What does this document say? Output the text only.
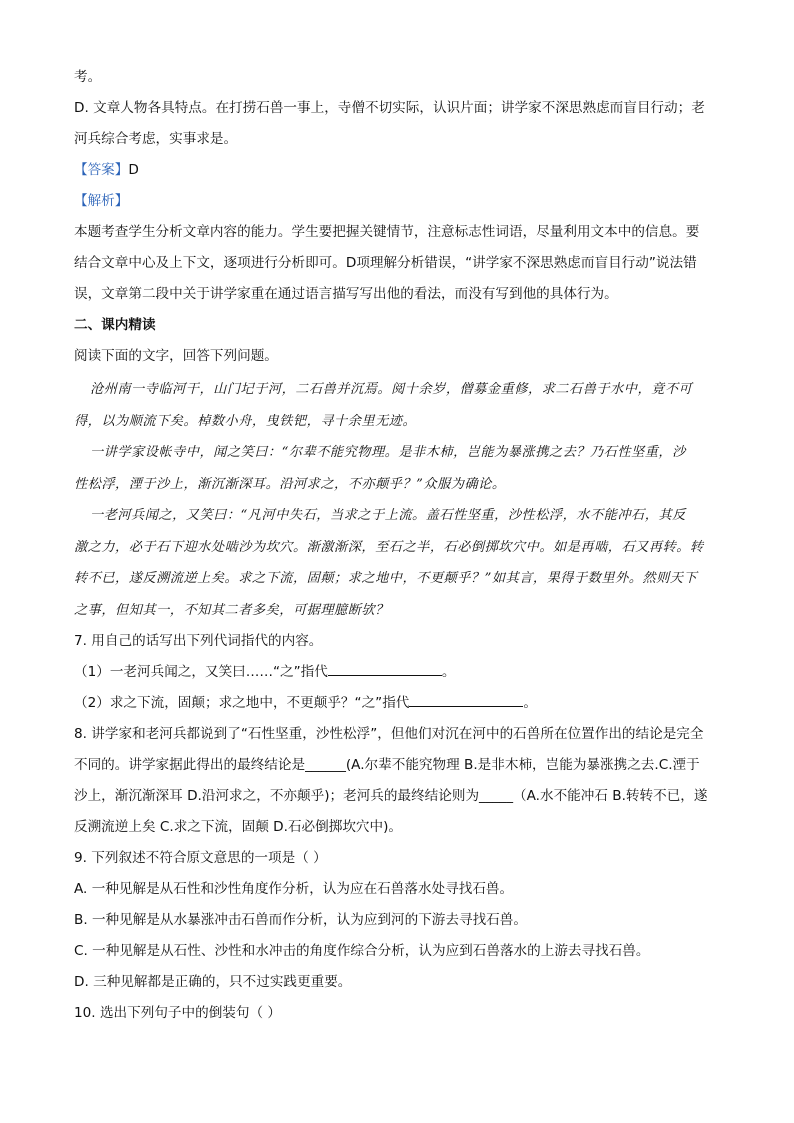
考。

D. 文章人物各具特点。在打捞石兽一事上，寺僧不切实际，认识片面；讲学家不深思熟虑而盲目行动；老

河兵综合考虑，实事求是。

【答案】D

【解析】

本题考查学生分析文章内容的能力。学生要把握关键情节，注意标志性词语，尽量利用文本中的信息。要

结合文章中心及上下文，逐项进行分析即可。D项理解分析错误，“讲学家不深思熟虑而盲目行动”说法错

误，文章第二段中关于讲学家重在通过语言描写写出他的看法，而没有写到他的具体行为。

二、课内精读

阅读下面的文字，回答下列问题。

沧州南一寺临河干，山门圮于河，二石兽并沉焉。阅十余岁，僧募金重修，求二石兽于水中，竟不可

得，以为顺流下矣。棹数小舟，曳铁钯，寻十余里无迹。

一讲学家设帐寺中，闻之笑曰：“尔辈不能究物理。是非木柿，岂能为暴涨携之去？乃石性坚重，沙

性松浮，湮于沙上，渐沉渐深耳。沿河求之，不亦颠乎？”众服为确论。

一老河兵闻之，又笑曰：“凡河中失石，当求之于上流。盖石性坚重，沙性松浮，水不能冲石，其反

激之力，必于石下迎水处啮沙为坎穴。渐激渐深，至石之半，石必倒掷坎穴中。如是再啮，石又再转。转

转不已，遂反溯流逆上矣。求之下流，固颠；求之地中，不更颠乎？”如其言，果得于数里外。然则天下

之事，但知其一，不知其二者多矣，可据理臆断欤？

7. 用自己的话写出下列代词指代的内容。

（1）一老河兵闻之，又笑曰……“之”指代	。

（2）求之下流，固颠；求之地中，不更颠乎？“之”指代	。

8. 讲学家和老河兵都说到了“石性坚重，沙性松浮”，但他们对沉在河中的石兽所在位置作出的结论是完全

不同的。讲学家据此得出的最终结论是______(A.尔辈不能究物理 B.是非木柿，岂能为暴涨携之去.C.湮于

沙上，渐沉渐深耳 D.沿河求之，不亦颠乎)；老河兵的最终结论则为_____（A.水不能冲石 B.转转不已，遂

反溯流逆上矣 C.求之下流，固颠 D.石必倒掷坎穴中)。

9. 下列叙述不符合原文意思的一项是（ ）

A. 一种见解是从石性和沙性角度作分析，认为应在石兽落水处寻找石兽。

B. 一种见解是从水暴涨冲击石兽而作分析，认为应到河的下游去寻找石兽。

C. 一种见解是从石性、沙性和水冲击的角度作综合分析，认为应到石兽落水的上游去寻找石兽。

D. 三种见解都是正确的，只不过实践更重要。

10. 选出下列句子中的倒装句（ ）
